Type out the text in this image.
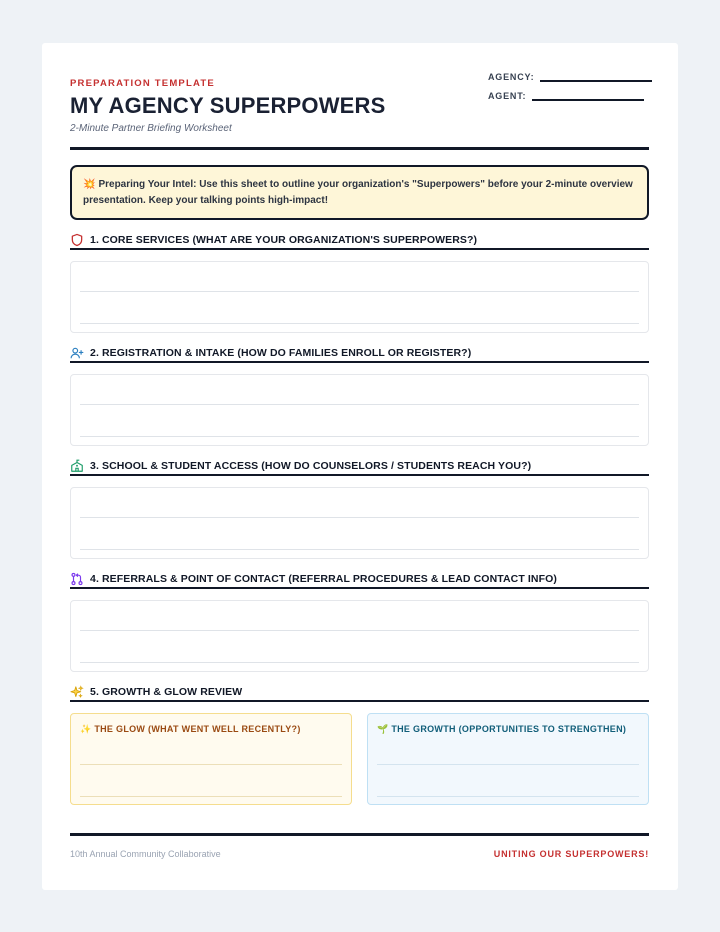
PREPARATION TEMPLATE
MY AGENCY SUPERPOWERS
2-Minute Partner Briefing Worksheet
AGENCY:
AGENT:
💥 Preparing Your Intel: Use this sheet to outline your organization's "Superpowers" before your 2-minute overview presentation. Keep your talking points high-impact!
1. CORE SERVICES (WHAT ARE YOUR ORGANIZATION'S SUPERPOWERS?)
2. REGISTRATION & INTAKE (HOW DO FAMILIES ENROLL OR REGISTER?)
3. SCHOOL & STUDENT ACCESS (HOW DO COUNSELORS / STUDENTS REACH YOU?)
4. REFERRALS & POINT OF CONTACT (REFERRAL PROCEDURES & LEAD CONTACT INFO)
5. GROWTH & GLOW REVIEW
✨ THE GLOW (WHAT WENT WELL RECENTLY?)	🌱 THE GROWTH (OPPORTUNITIES TO STRENGTHEN)
10th Annual Community Collaborative	UNITING OUR SUPERPOWERS!
